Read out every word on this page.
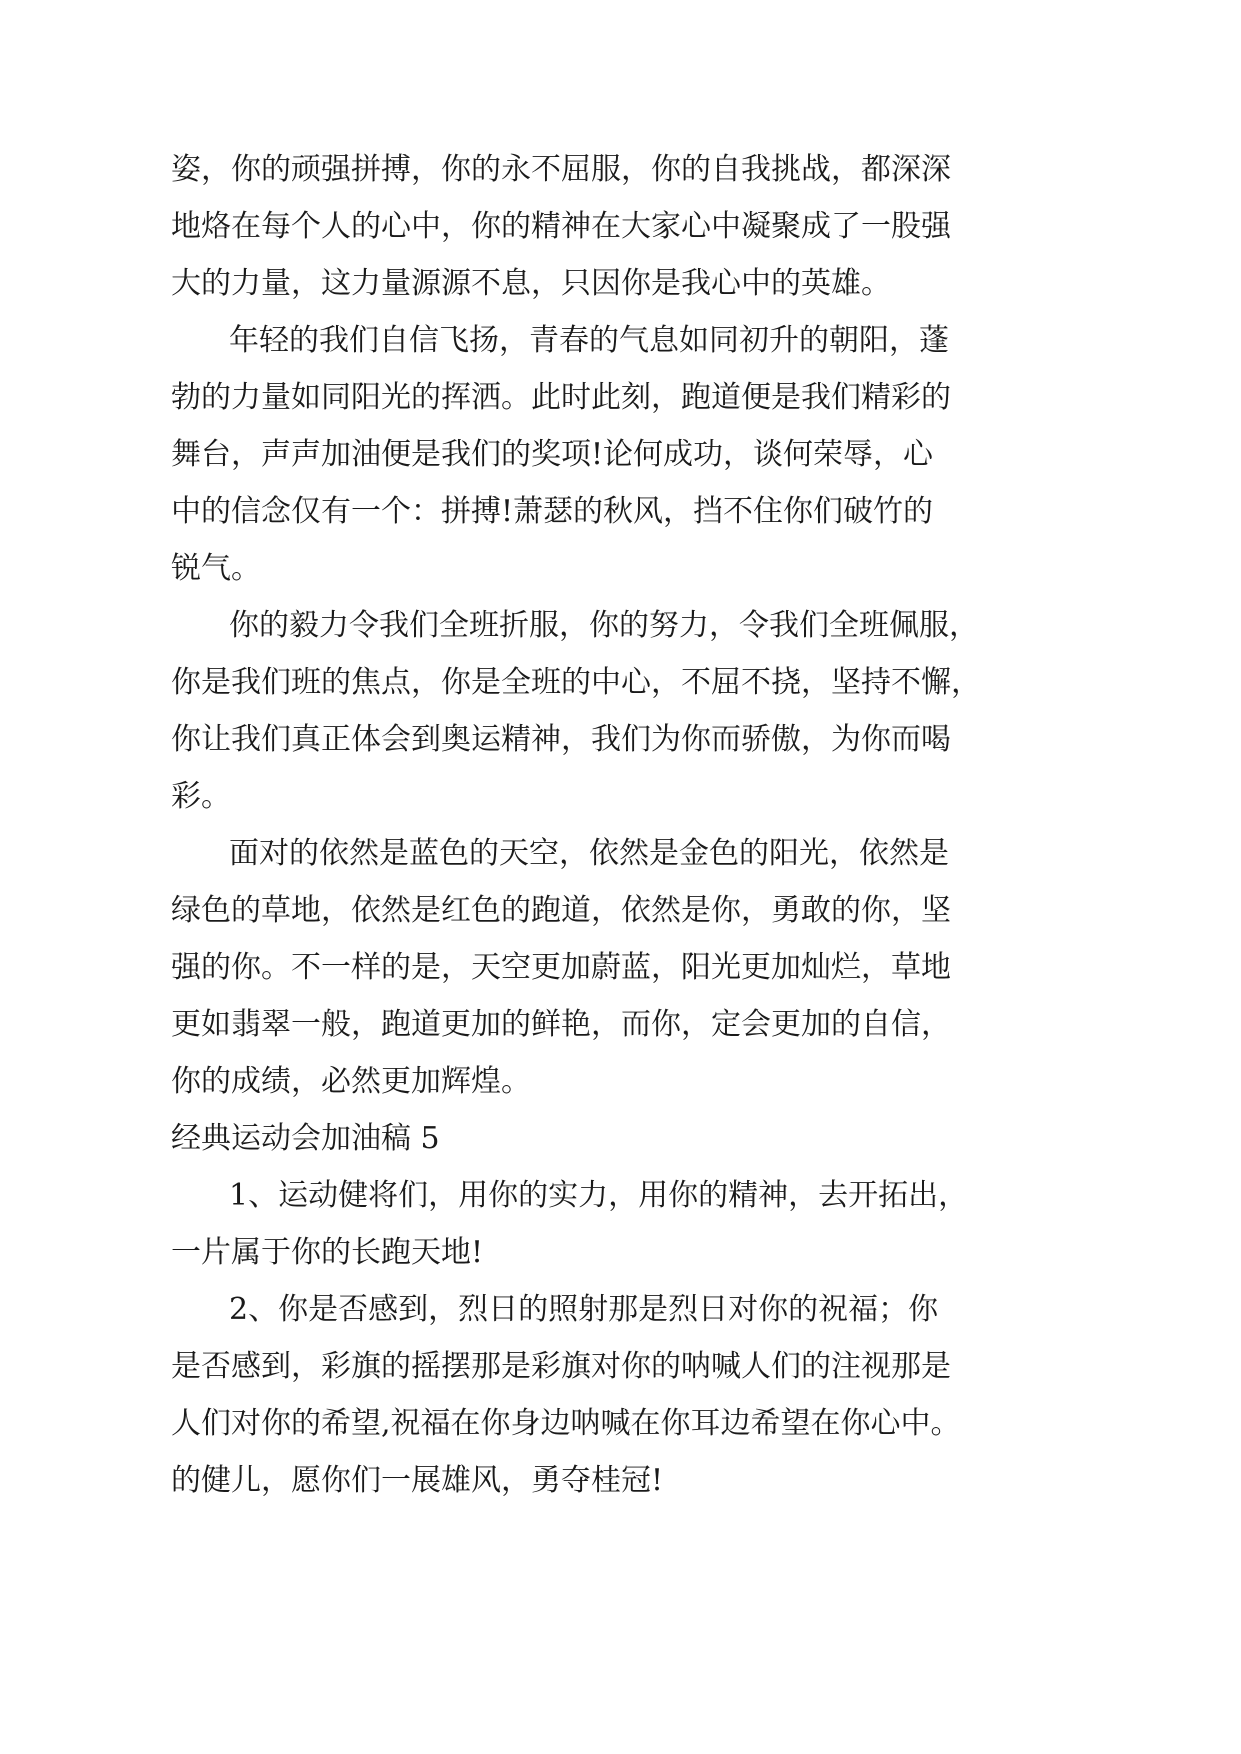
姿，你的顽强拼搏，你的永不屈服，你的自我挑战，都深深

地烙在每个人的心中，你的精神在大家心中凝聚成了一股强

大的力量，这力量源源不息，只因你是我心中的英雄。

年轻的我们自信飞扬，青春的气息如同初升的朝阳，蓬

勃的力量如同阳光的挥洒。此时此刻，跑道便是我们精彩的

舞台，声声加油便是我们的奖项!论何成功，谈何荣辱，心

中的信念仅有一个：拼搏!萧瑟的秋风，挡不住你们破竹的

锐气。

你的毅力令我们全班折服，你的努力，令我们全班佩服，

你是我们班的焦点，你是全班的中心，不屈不挠，坚持不懈，

你让我们真正体会到奥运精神，我们为你而骄傲，为你而喝

彩。

面对的依然是蓝色的天空，依然是金色的阳光，依然是

绿色的草地，依然是红色的跑道，依然是你，勇敢的你，坚

强的你。不一样的是，天空更加蔚蓝，阳光更加灿烂，草地

更如翡翠一般，跑道更加的鲜艳，而你，定会更加的自信，

你的成绩，必然更加辉煌。

经典运动会加油稿 5

1、运动健将们，用你的实力，用你的精神，去开拓出，

一片属于你的长跑天地!

2、你是否感到，烈日的照射那是烈日对你的祝福；你

是否感到，彩旗的摇摆那是彩旗对你的呐喊人们的注视那是

人们对你的希望,祝福在你身边呐喊在你耳边希望在你心中。

的健儿，愿你们一展雄风，勇夺桂冠!
